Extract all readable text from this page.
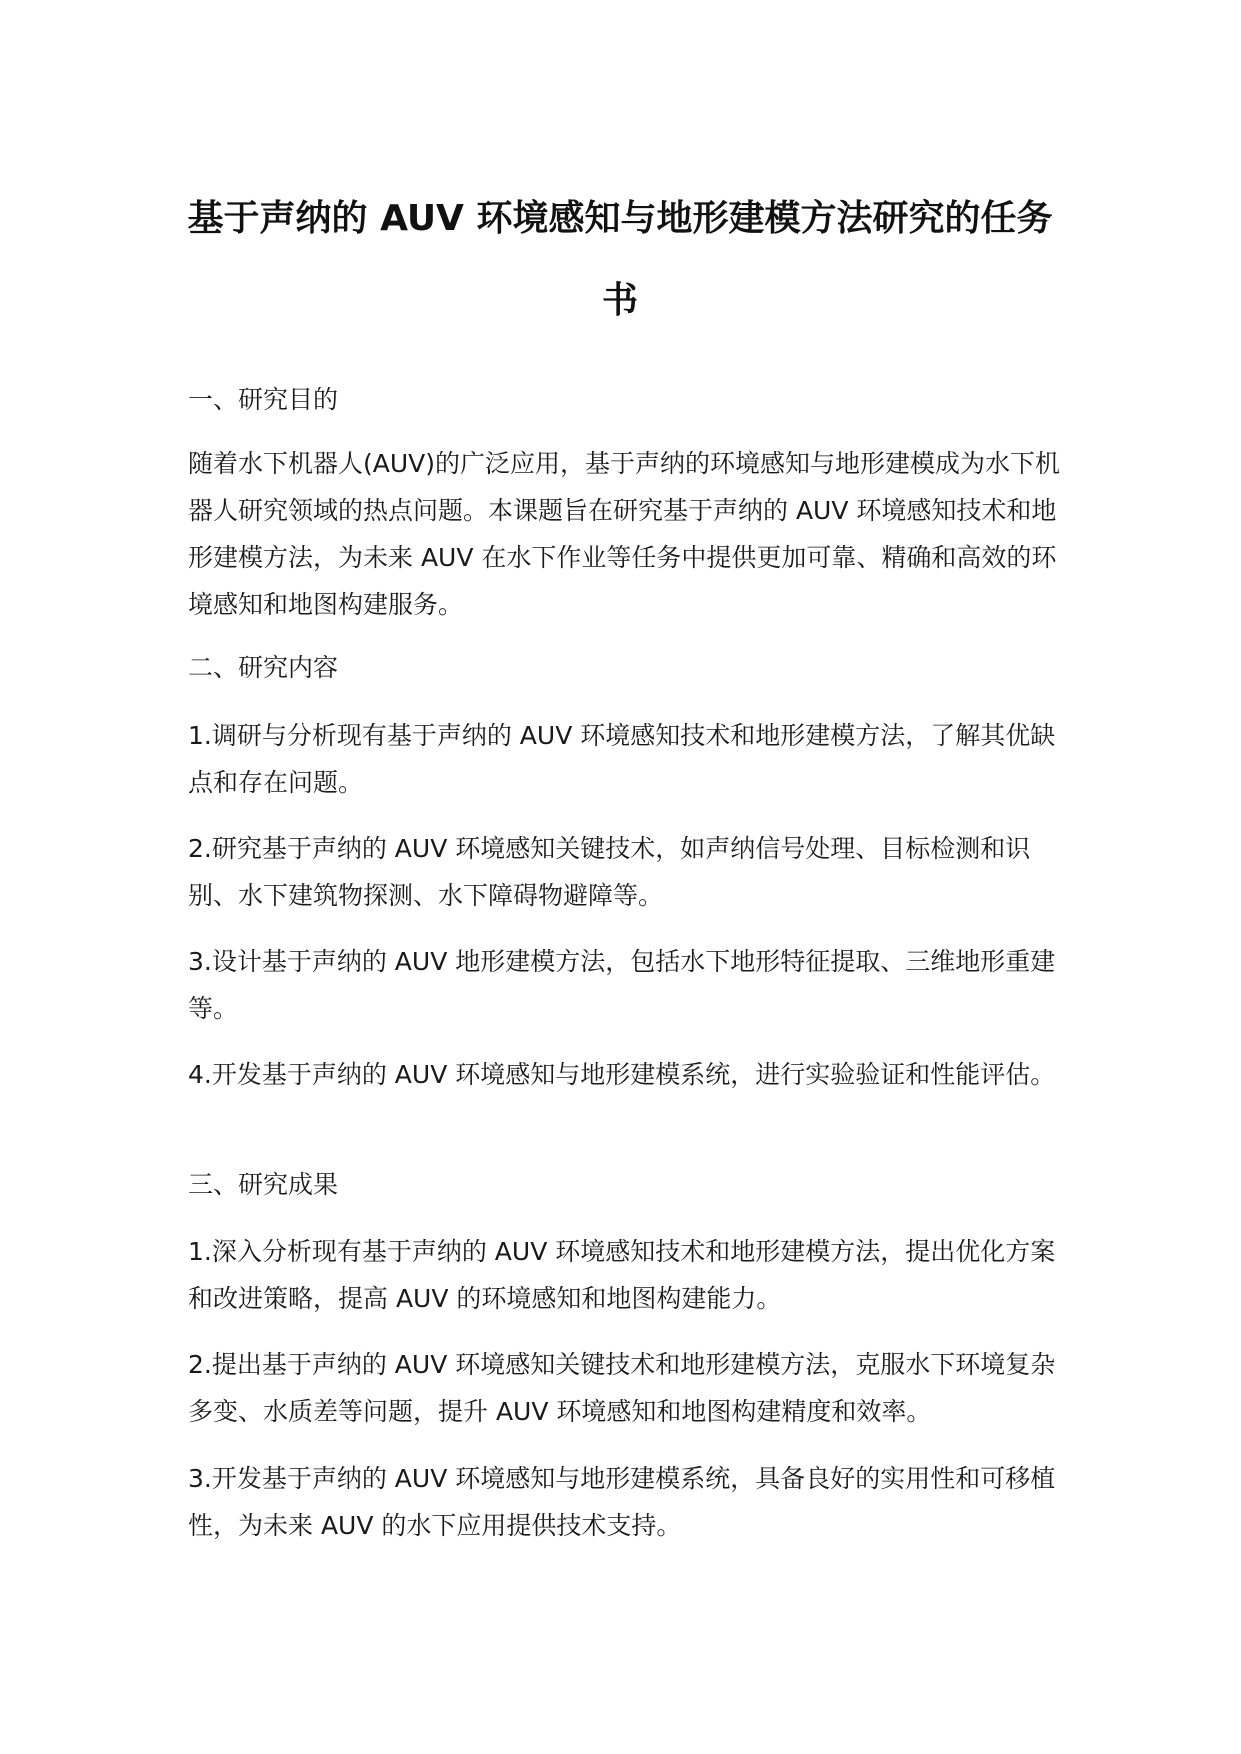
基于声纳的 AUV 环境感知与地形建模方法研究的任务书
一、研究目的

随着水下机器人(AUV)的广泛应用，基于声纳的环境感知与地形建模成为水下机器人研究领域的热点问题。本课题旨在研究基于声纳的 AUV 环境感知技术和地形建模方法，为未来 AUV 在水下作业等任务中提供更加可靠、精确和高效的环境感知和地图构建服务。

二、研究内容

1.调研与分析现有基于声纳的 AUV 环境感知技术和地形建模方法，了解其优缺点和存在问题。

2.研究基于声纳的 AUV 环境感知关键技术，如声纳信号处理、目标检测和识别、水下建筑物探测、水下障碍物避障等。

3.设计基于声纳的 AUV 地形建模方法，包括水下地形特征提取、三维地形重建等。

4.开发基于声纳的 AUV 环境感知与地形建模系统，进行实验验证和性能评估。

三、研究成果

1.深入分析现有基于声纳的 AUV 环境感知技术和地形建模方法，提出优化方案和改进策略，提高 AUV 的环境感知和地图构建能力。

2.提出基于声纳的 AUV 环境感知关键技术和地形建模方法，克服水下环境复杂多变、水质差等问题，提升 AUV 环境感知和地图构建精度和效率。

3.开发基于声纳的 AUV 环境感知与地形建模系统，具备良好的实用性和可移植性，为未来 AUV 的水下应用提供技术支持。
